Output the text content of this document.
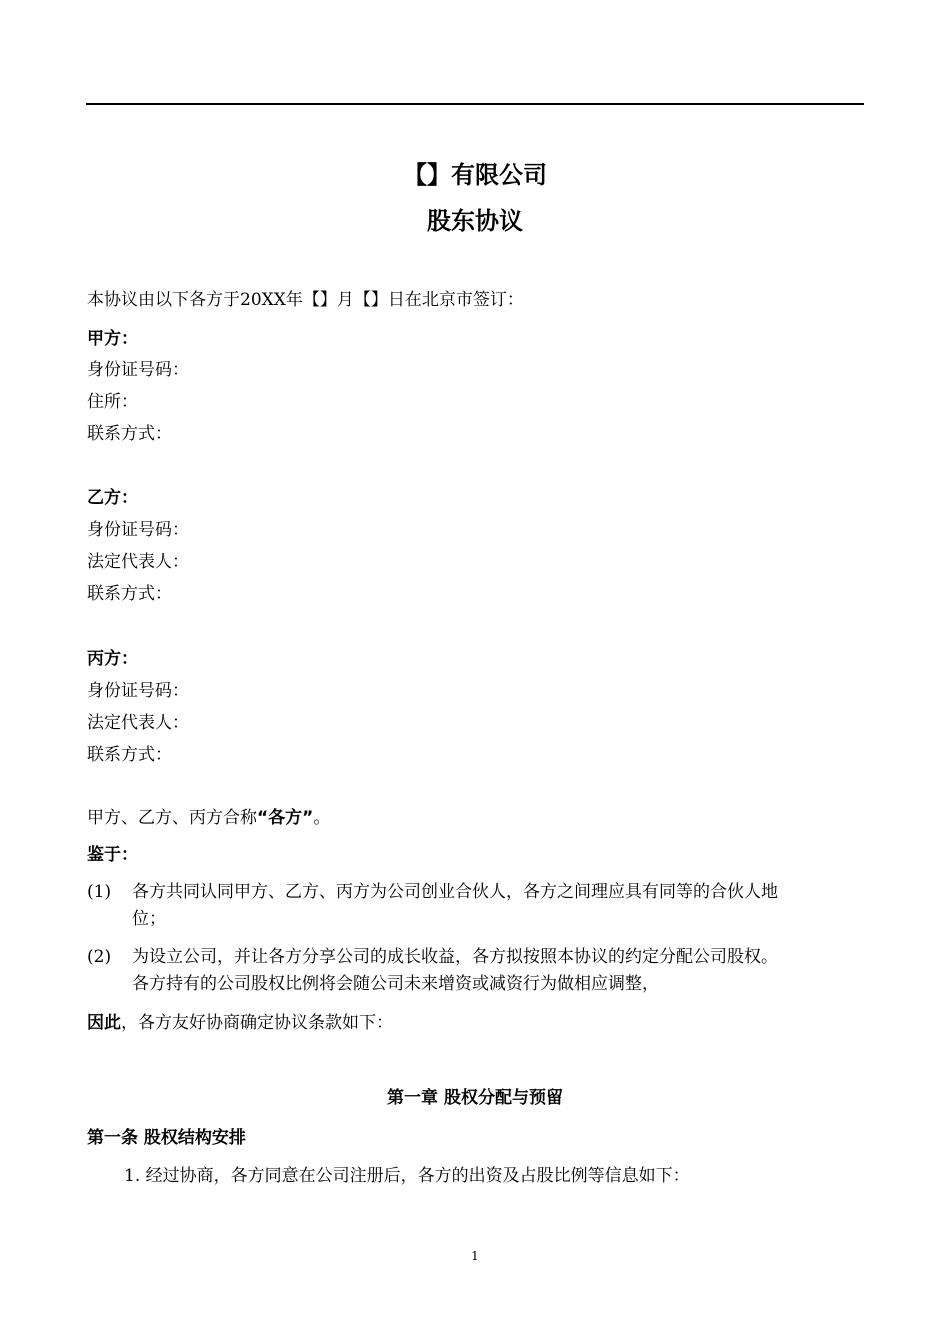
【】有限公司
股东协议
本协议由以下各方于20XX年【】月【】日在北京市签订：
甲方：
身份证号码：
住所：
联系方式：
乙方：
身份证号码：
法定代表人：
联系方式：
丙方：
身份证号码：
法定代表人：
联系方式：
甲方、乙方、丙方合称“各方”。
鉴于：
(1) 各方共同认同甲方、乙方、丙方为公司创业合伙人，各方之间理应具有同等的合伙人地
位；
(2) 为设立公司，并让各方分享公司的成长收益，各方拟按照本协议的约定分配公司股权。
各方持有的公司股权比例将会随公司未来增资或减资行为做相应调整，
因此，各方友好协商确定协议条款如下：
第一章 股权分配与预留
第一条 股权结构安排
1. 经过协商，各方同意在公司注册后，各方的出资及占股比例等信息如下：
1
